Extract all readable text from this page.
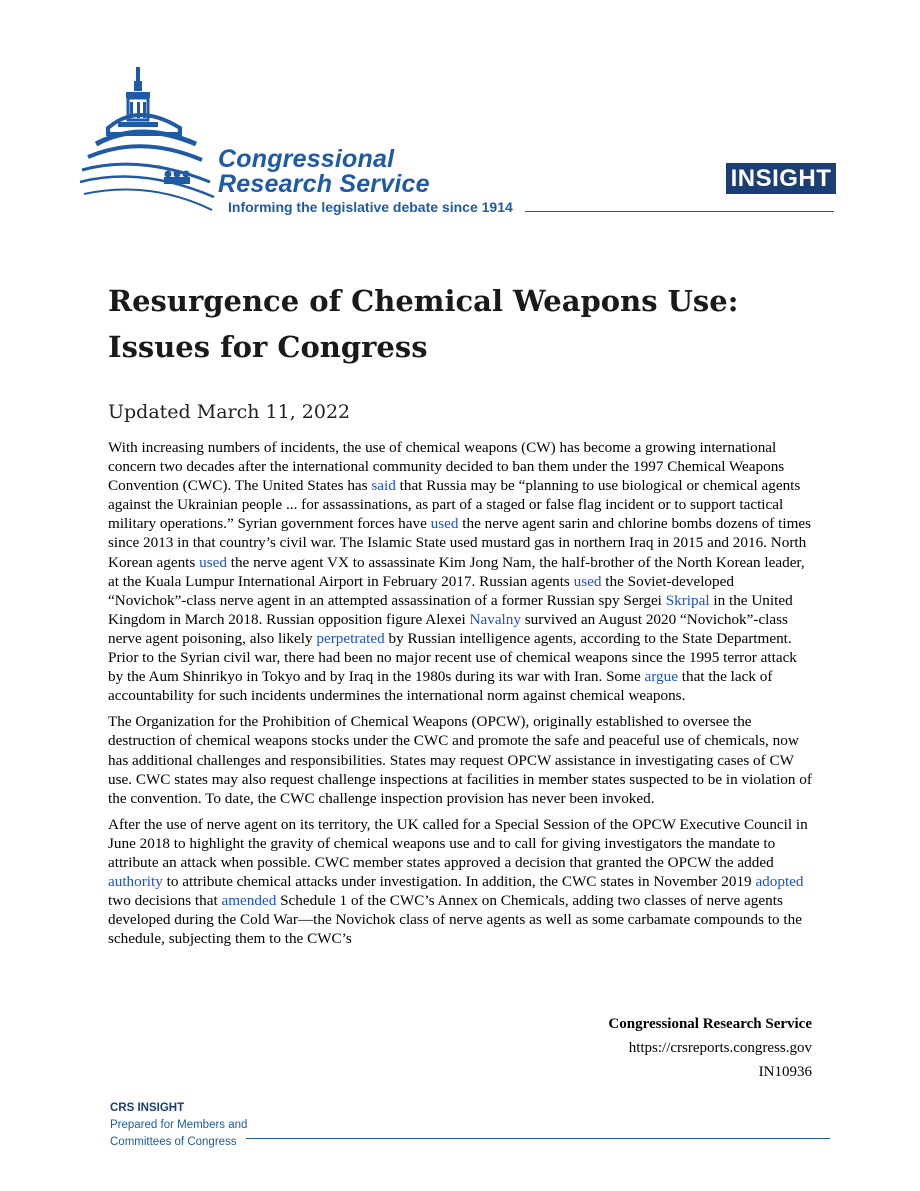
Congressional
Research Service
Informing the legislative debate since 1914
INSIGHT
Resurgence of Chemical Weapons Use:
Issues for Congress
Updated March 11, 2022

With increasing numbers of incidents, the use of chemical weapons (CW) has become a growing international concern two decades after the international community decided to ban them under the 1997 Chemical Weapons Convention (CWC). The United States has said that Russia may be “planning to use biological or chemical agents against the Ukrainian people ... for assassinations, as part of a staged or false flag incident or to support tactical military operations.” Syrian government forces have used the nerve agent sarin and chlorine bombs dozens of times since 2013 in that country’s civil war. The Islamic State used mustard gas in northern Iraq in 2015 and 2016. North Korean agents used the nerve agent VX to assassinate Kim Jong Nam, the half-brother of the North Korean leader, at the Kuala Lumpur International Airport in February 2017. Russian agents used the Soviet-developed “Novichok”-class nerve agent in an attempted assassination of a former Russian spy Sergei Skripal in the United Kingdom in March 2018. Russian opposition figure Alexei Navalny survived an August 2020 “Novichok”-class nerve agent poisoning, also likely perpetrated by Russian intelligence agents, according to the State Department. Prior to the Syrian civil war, there had been no major recent use of chemical weapons since the 1995 terror attack by the Aum Shinrikyo in Tokyo and by Iraq in the 1980s during its war with Iran. Some argue that the lack of accountability for such incidents undermines the international norm against chemical weapons.

The Organization for the Prohibition of Chemical Weapons (OPCW), originally established to oversee the destruction of chemical weapons stocks under the CWC and promote the safe and peaceful use of chemicals, now has additional challenges and responsibilities. States may request OPCW assistance in investigating cases of CW use. CWC states may also request challenge inspections at facilities in member states suspected to be in violation of the convention. To date, the CWC challenge inspection provision has never been invoked.

After the use of nerve agent on its territory, the UK called for a Special Session of the OPCW Executive Council in June 2018 to highlight the gravity of chemical weapons use and to call for giving investigators the mandate to attribute an attack when possible. CWC member states approved a decision that granted the OPCW the added authority to attribute chemical attacks under investigation. In addition, the CWC states in November 2019 adopted two decisions that amended Schedule 1 of the CWC’s Annex on Chemicals, adding two classes of nerve agents developed during the Cold War—the Novichok class of nerve agents as well as some carbamate compounds to the schedule, subjecting them to the CWC’s

Congressional Research Service
https://crsreports.congress.gov
IN10936
CRS INSIGHT
Prepared for Members and
Committees of Congress
